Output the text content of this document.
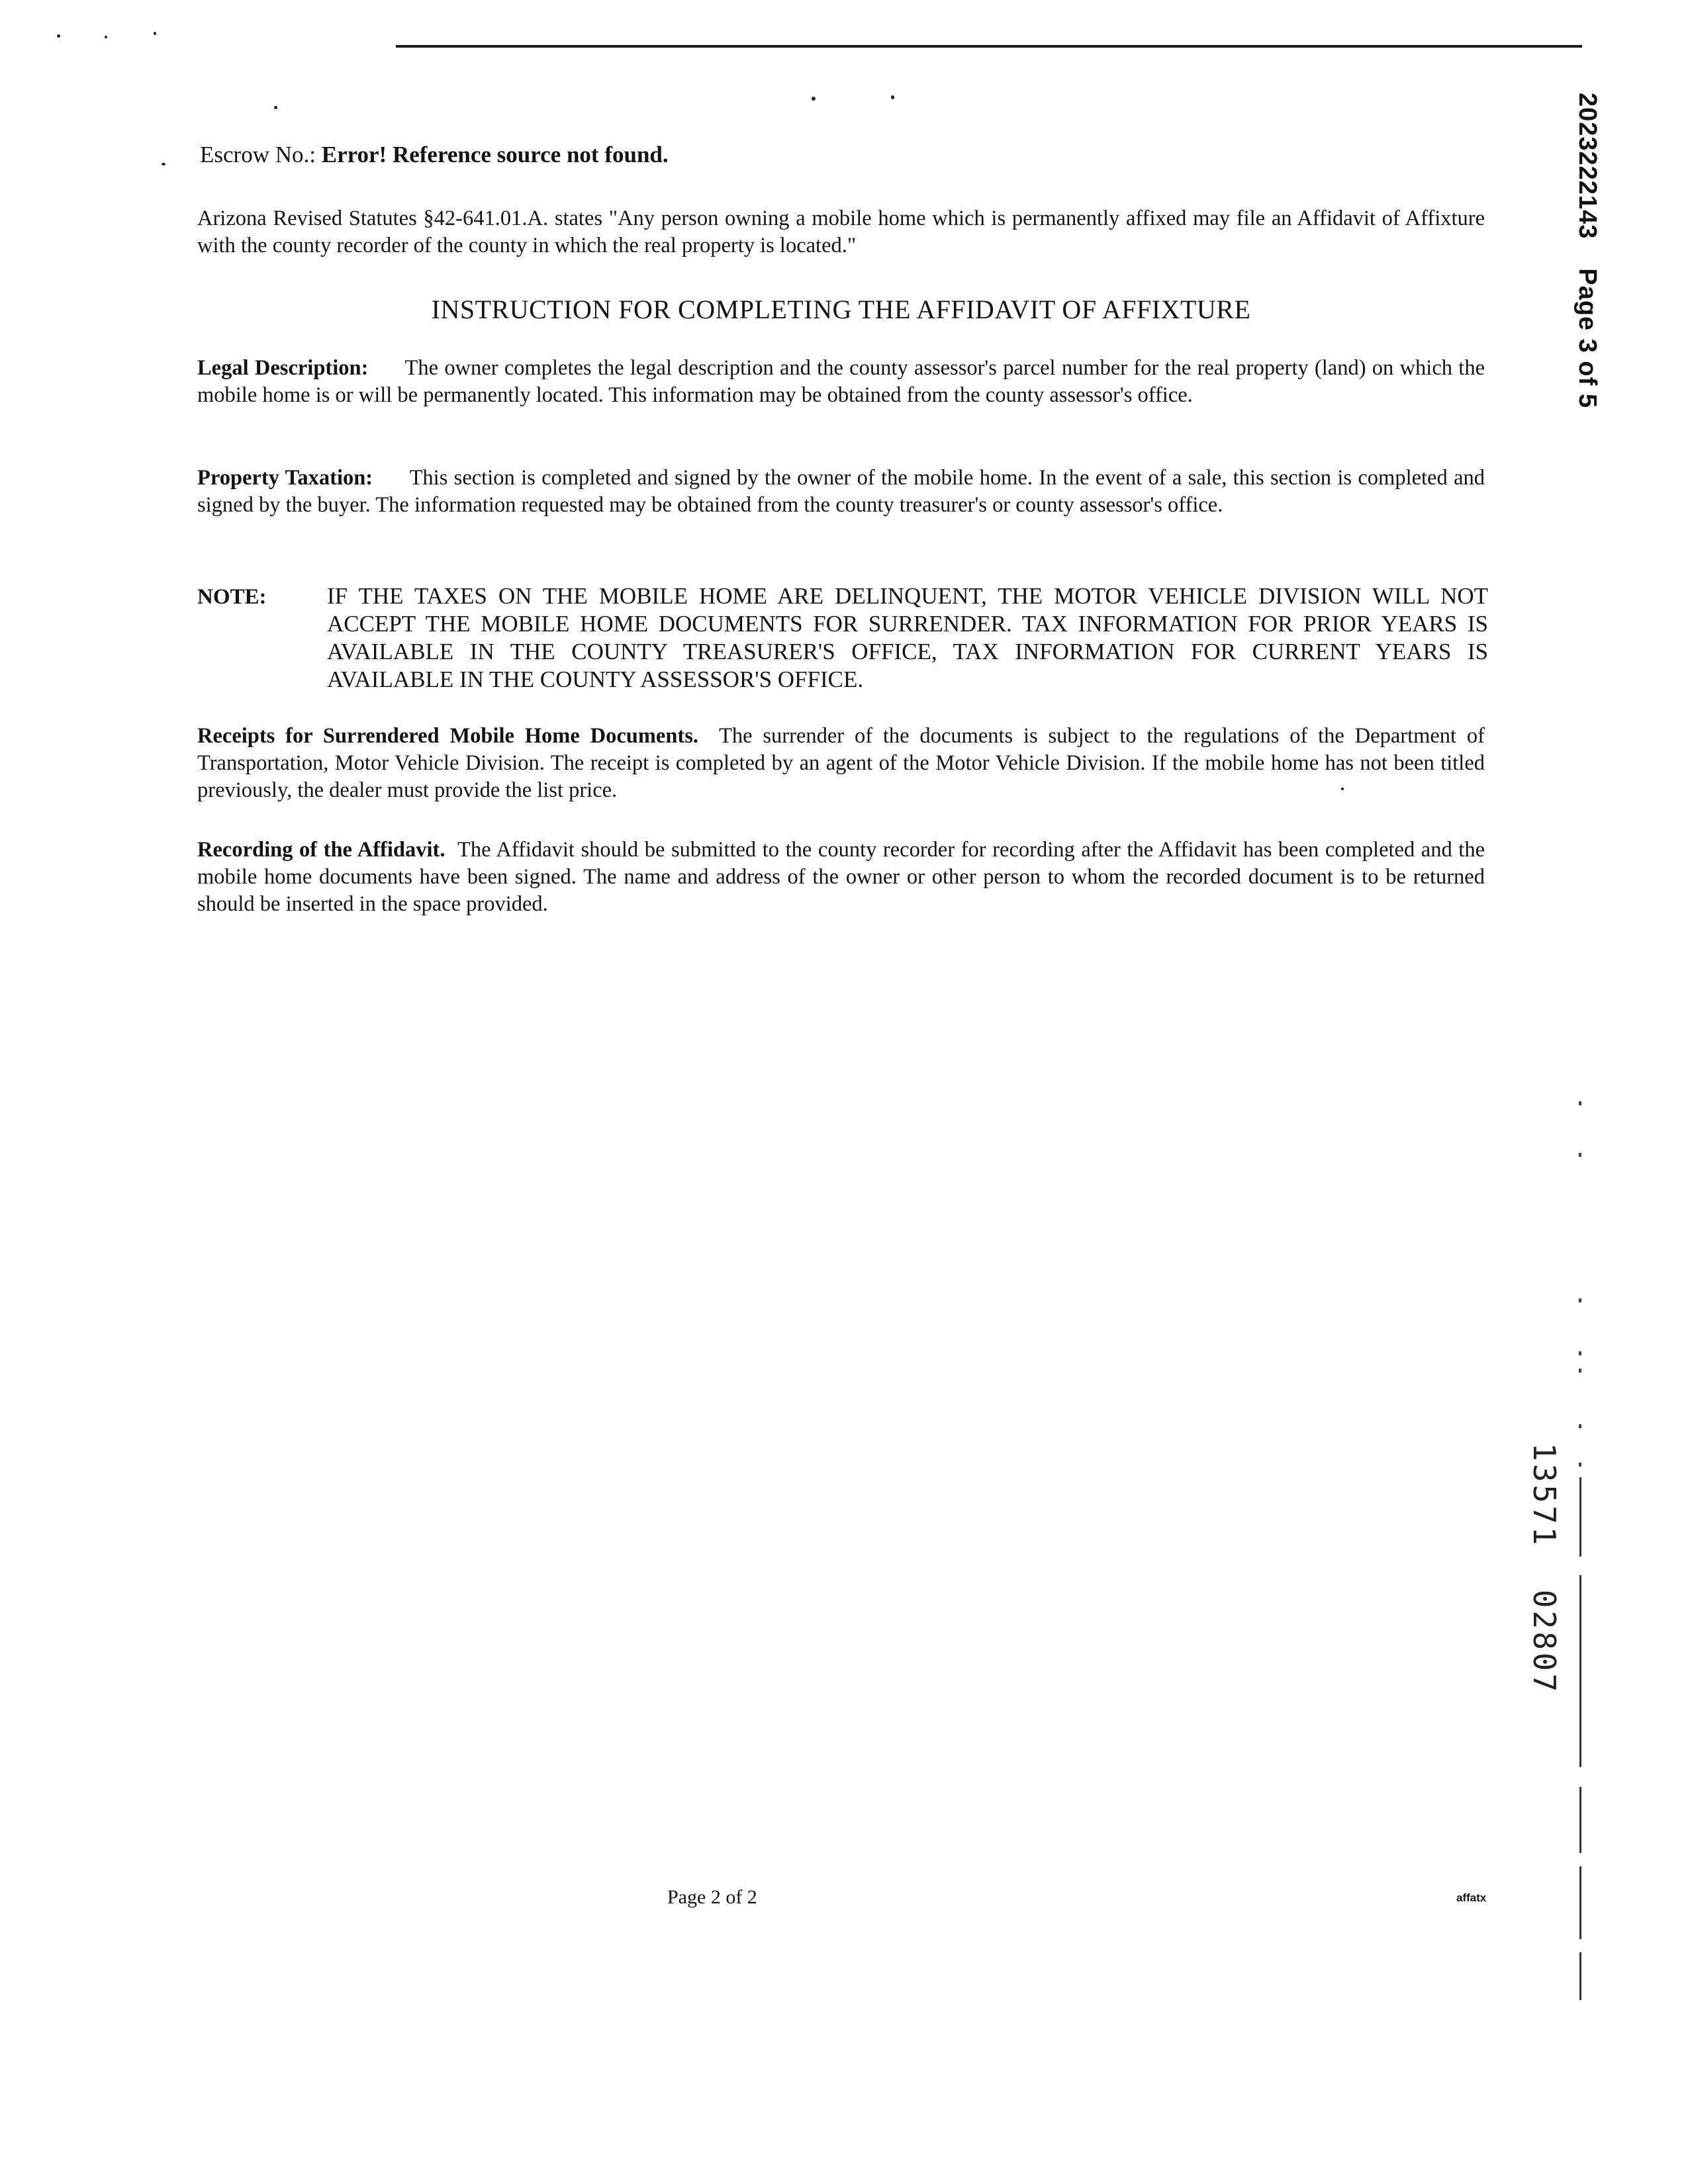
2023222143Page 3 of 5
Escrow No.: Error! Reference source not found.
Arizona Revised Statutes §42-641.01.A. states "Any person owning a mobile home which is permanently affixed may file an Affidavit of Affixture with the county recorder of the county in which the real property is located."
INSTRUCTION FOR COMPLETING THE AFFIDAVIT OF AFFIXTURE
Legal Description: The owner completes the legal description and the county assessor's parcel number for the real property (land) on which the mobile home is or will be permanently located. This information may be obtained from the county assessor's office.
Property Taxation: This section is completed and signed by the owner of the mobile home. In the event of a sale, this section is completed and signed by the buyer. The information requested may be obtained from the county treasurer's or county assessor's office.
NOTE:	IF THE TAXES ON THE MOBILE HOME ARE DELINQUENT, THE MOTOR VEHICLE DIVISION WILL NOT ACCEPT THE MOBILE HOME DOCUMENTS FOR SURRENDER. TAX INFORMATION FOR PRIOR YEARS IS AVAILABLE IN THE COUNTY TREASURER'S OFFICE, TAX INFORMATION FOR CURRENT YEARS IS AVAILABLE IN THE COUNTY ASSESSOR'S OFFICE.
Receipts for Surrendered Mobile Home Documents. The surrender of the documents is subject to the regulations of the Department of Transportation, Motor Vehicle Division. The receipt is completed by an agent of the Motor Vehicle Division. If the mobile home has not been titled previously, the dealer must provide the list price.
Recording of the Affidavit. The Affidavit should be submitted to the county recorder for recording after the Affidavit has been completed and the mobile home documents have been signed. The name and address of the owner or other person to whom the recorded document is to be returned should be inserted in the space provided.
13571  02807
Page 2 of 2	affatx
